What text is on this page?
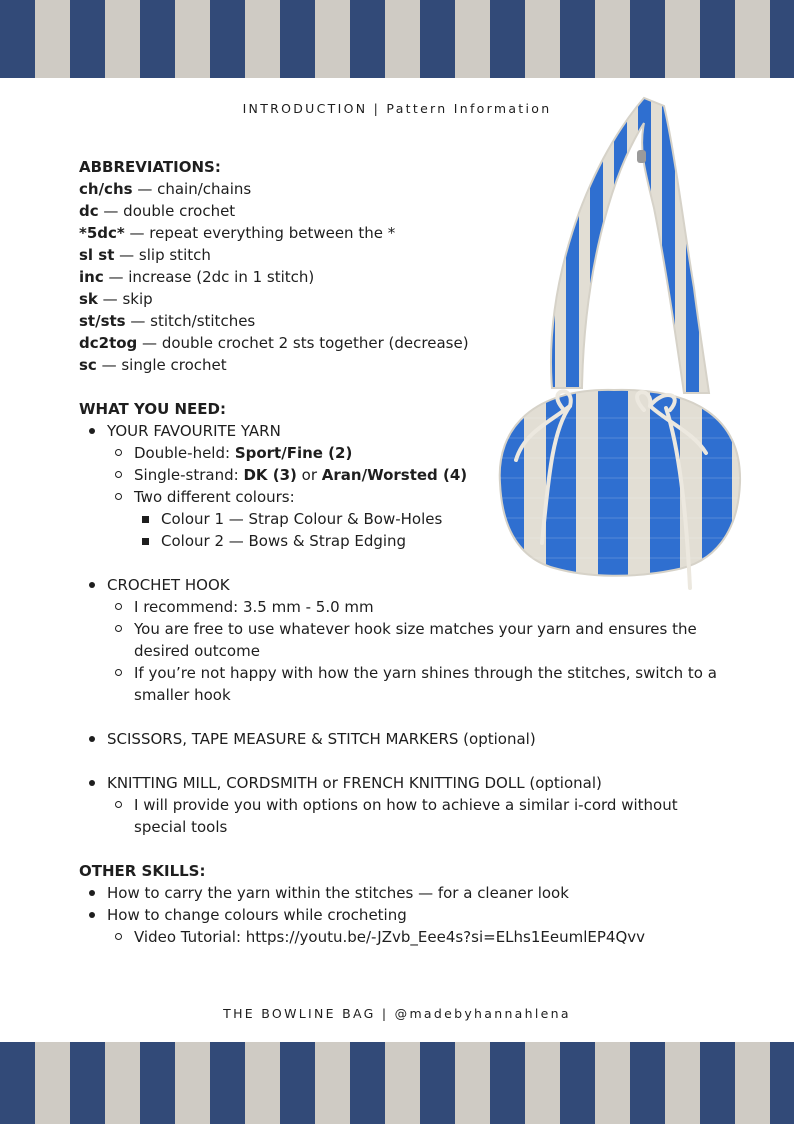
INTRODUCTION | Pattern Information
ABBREVIATIONS:
ch/chs — chain/chains
dc — double crochet
*5dc* — repeat everything between the *
sl st — slip stitch
inc — increase (2dc in 1 stitch)
sk — skip
st/sts — stitch/stitches
dc2tog — double crochet 2 sts together (decrease)
sc — single crochet
WHAT YOU NEED:
YOUR FAVOURITE YARN
Double-held: Sport/Fine (2)
Single-strand: DK (3) or Aran/Worsted (4)
Two different colours:
Colour 1 — Strap Colour & Bow-Holes
Colour 2 — Bows & Strap Edging
CROCHET HOOK
I recommend: 3.5 mm - 5.0 mm
You are free to use whatever hook size matches your yarn and ensures the desired outcome
If you’re not happy with how the yarn shines through the stitches, switch to a smaller hook
SCISSORS, TAPE MEASURE & STITCH MARKERS (optional)
KNITTING MILL, CORDSMITH or FRENCH KNITTING DOLL (optional)
I will provide you with options on how to achieve a similar i-cord without special tools
OTHER SKILLS:
How to carry the yarn within the stitches — for a cleaner look
How to change colours while crocheting
Video Tutorial: https://youtu.be/-JZvb_Eee4s?si=ELhs1EeumlEP4Qvv
THE BOWLINE BAG | @madebyhannahlena
